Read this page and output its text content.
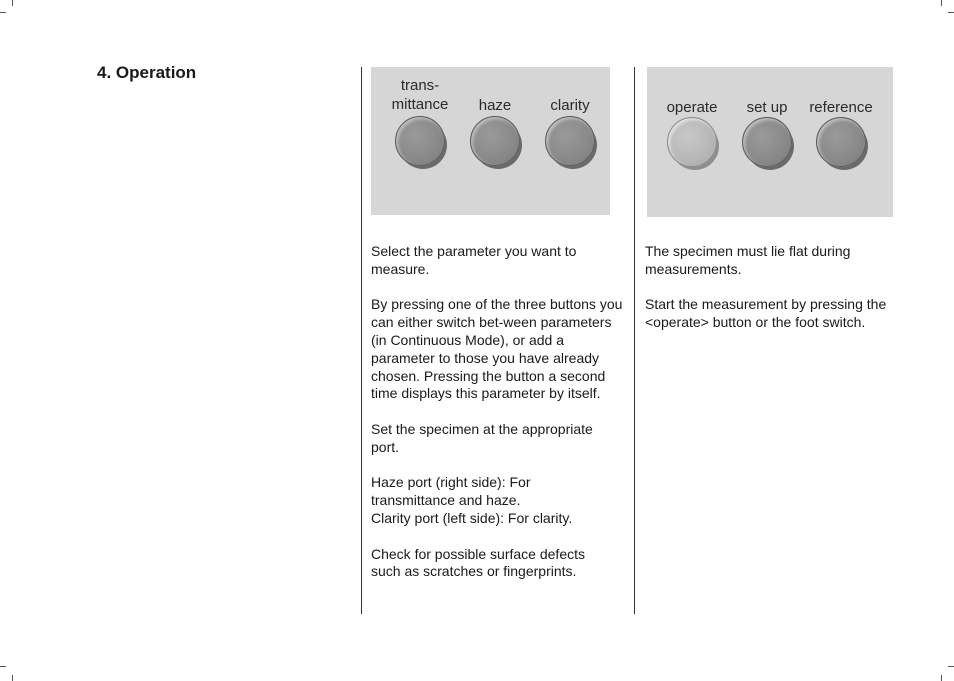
4. Operation
trans-
mittance haze	clarity	operate set up reference

Select the parameter you want to measure.

By pressing one of the three buttons you can either switch bet-ween parameters (in Continuous Mode), or add a parameter to those you have already chosen. Pressing the button a second time displays this parameter by itself.

Set the specimen at the appropriate port.

Haze port (right side): For transmittance and haze.
Clarity port (left side): For clarity.

Check for possible surface defects such as scratches or fingerprints.

The specimen must lie flat during measurements.

Start the measurement by pressing the <operate> button or the foot switch.
